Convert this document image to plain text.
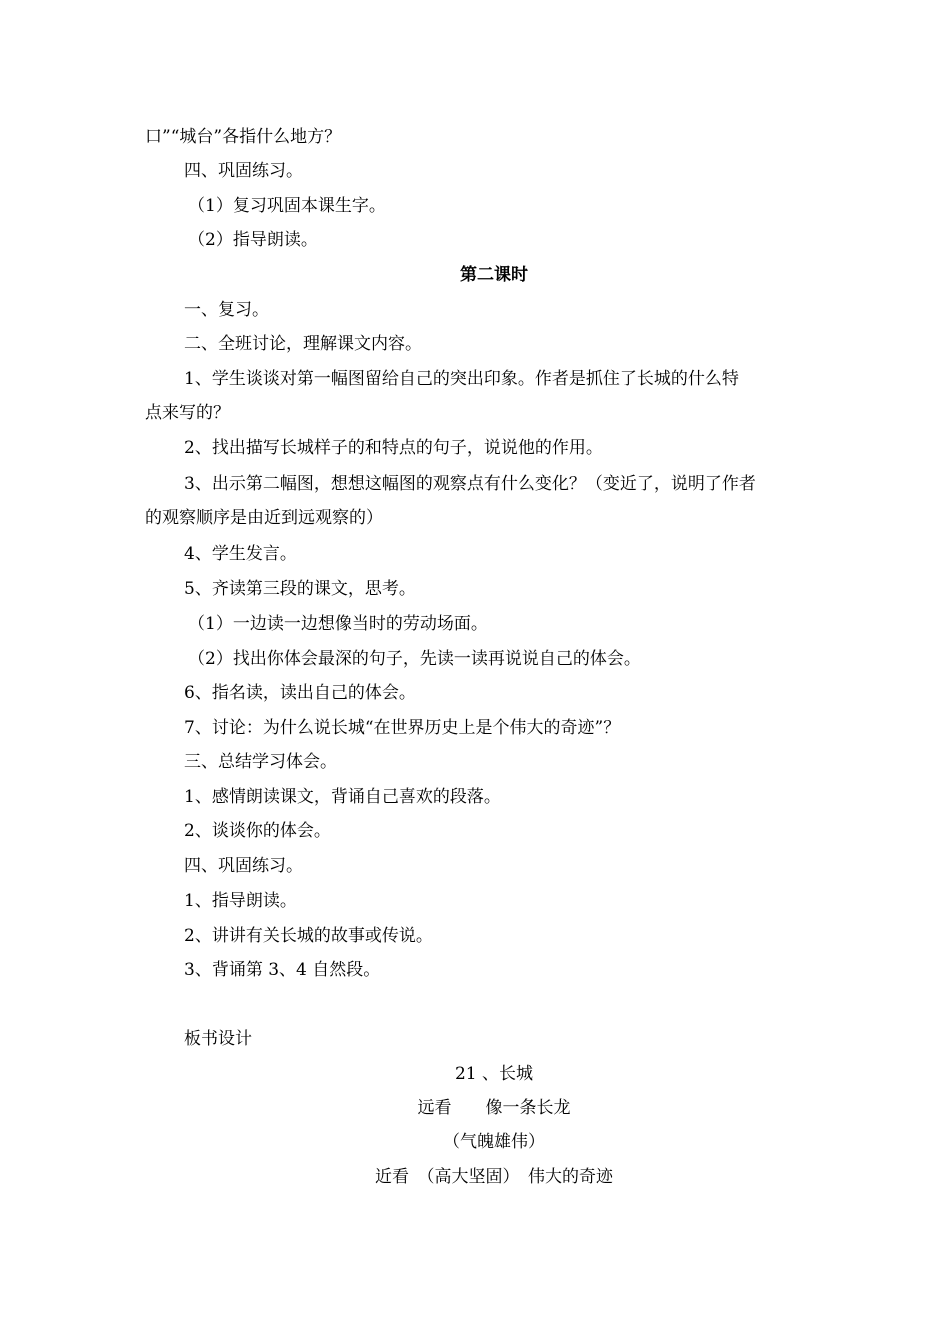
口”“城台”各指什么地方？
四、巩固练习。
（1）复习巩固本课生字。
（2）指导朗读。
第二课时
一、复习。
二、全班讨论，理解课文内容。
1、学生谈谈对第一幅图留给自己的突出印象。作者是抓住了长城的什么特
点来写的？
2、找出描写长城样子的和特点的句子，说说他的作用。
3、出示第二幅图，想想这幅图的观察点有什么变化？（变近了，说明了作者
的观察顺序是由近到远观察的）
4、学生发言。
5、齐读第三段的课文，思考。
（1）一边读一边想像当时的劳动场面。
（2）找出你体会最深的句子，先读一读再说说自己的体会。
6、指名读，读出自己的体会。
7、讨论：为什么说长城“在世界历史上是个伟大的奇迹”？
三、总结学习体会。
1、感情朗读课文，背诵自己喜欢的段落。
2、谈谈你的体会。
四、巩固练习。
1、指导朗读。
2、讲讲有关长城的故事或传说。
3、背诵第 3、4 自然段。
板书设计
21 、长城
远看　　像一条长龙
（气魄雄伟）
近看　（高大坚固）　伟大的奇迹
